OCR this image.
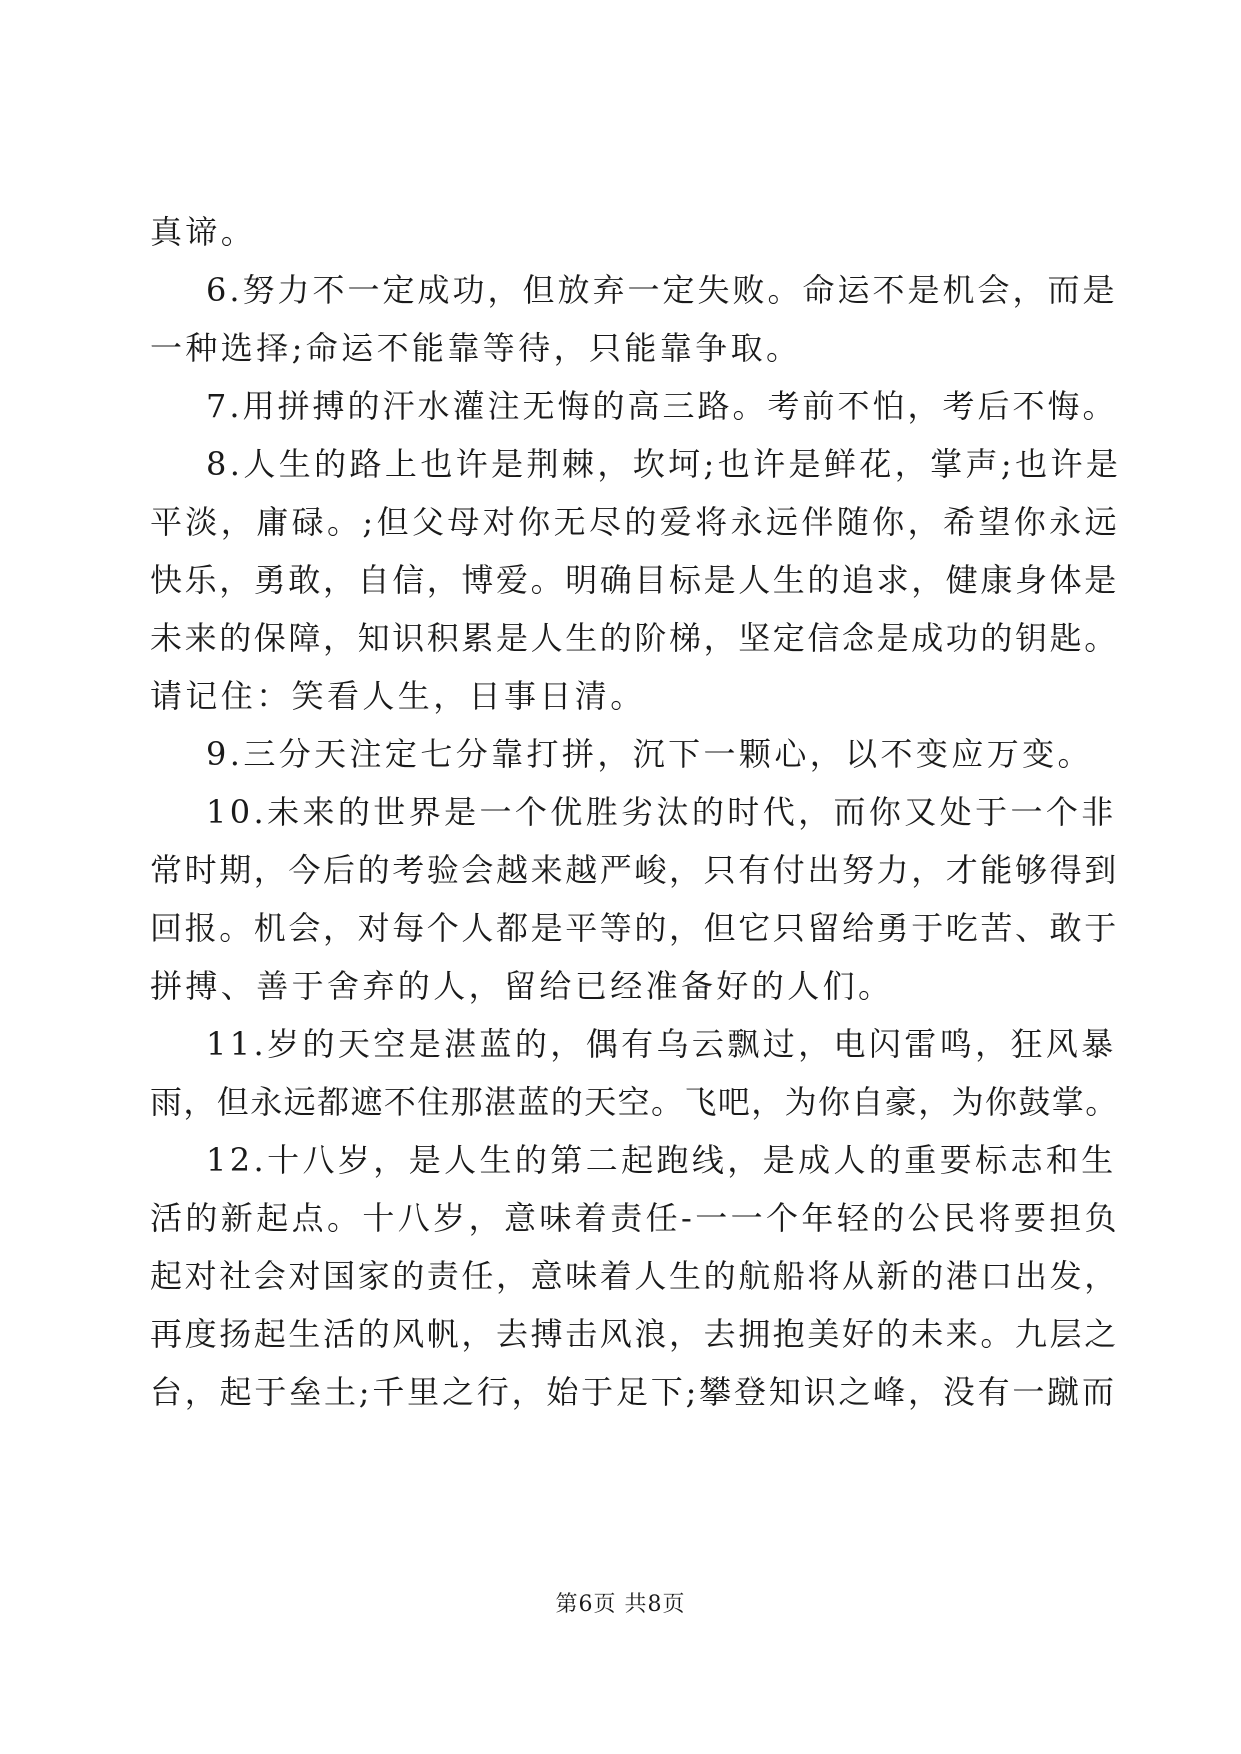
真谛。
6.努力不一定成功，但放弃一定失败。命运不是机会，而是
一种选择;命运不能靠等待，只能靠争取。
7.用拼搏的汗水灌注无悔的高三路。考前不怕，考后不悔。
8.人生的路上也许是荆棘，坎坷;也许是鲜花，掌声;也许是
平淡，庸碌。;但父母对你无尽的爱将永远伴随你，希望你永远
快乐，勇敢，自信，博爱。明确目标是人生的追求，健康身体是
未来的保障，知识积累是人生的阶梯，坚定信念是成功的钥匙。
请记住：笑看人生，日事日清。
9.三分天注定七分靠打拼，沉下一颗心，以不变应万变。
10.未来的世界是一个优胜劣汰的时代，而你又处于一个非
常时期，今后的考验会越来越严峻，只有付出努力，才能够得到
回报。机会，对每个人都是平等的，但它只留给勇于吃苦、敢于
拼搏、善于舍弃的人，留给已经准备好的人们。
11.岁的天空是湛蓝的，偶有乌云飘过，电闪雷鸣，狂风暴
雨，但永远都遮不住那湛蓝的天空。飞吧，为你自豪，为你鼓掌。
12.十八岁，是人生的第二起跑线，是成人的重要标志和生
活的新起点。十八岁，意味着责任-一一个年轻的公民将要担负
起对社会对国家的责任，意味着人生的航船将从新的港口出发，
再度扬起生活的风帆，去搏击风浪，去拥抱美好的未来。九层之
台，起于垒土;千里之行，始于足下;攀登知识之峰，没有一蹴而
第6页 共8页
